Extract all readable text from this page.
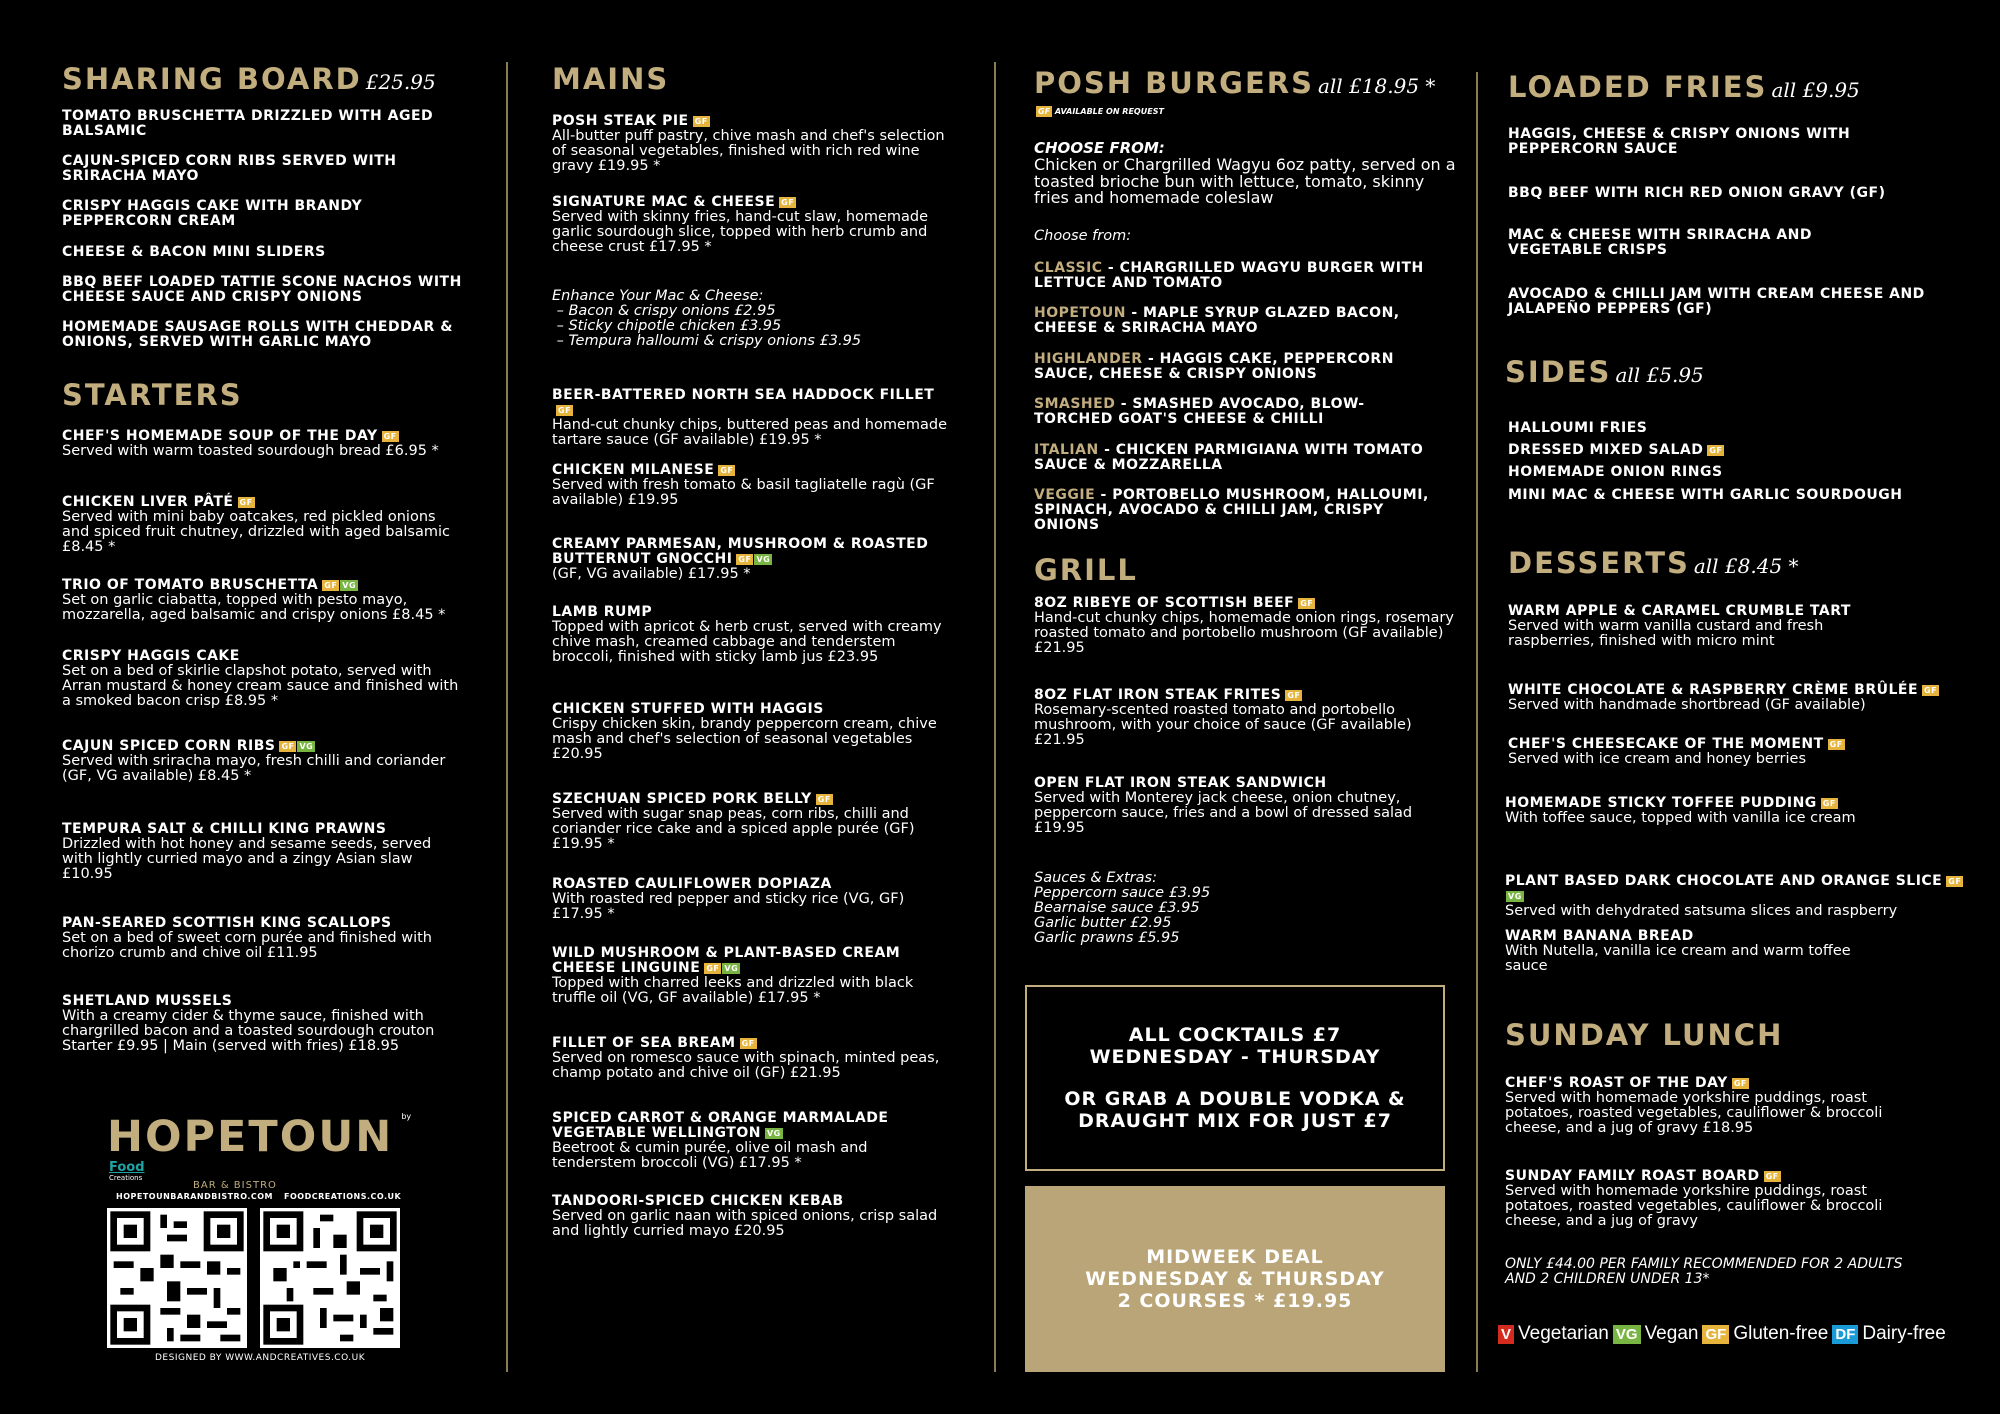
SHARING BOARD £25.95
TOMATO BRUSCHETTA DRIZZLED WITH AGED BALSAMIC
CAJUN-SPICED CORN RIBS SERVED WITH SRIRACHA MAYO
CRISPY HAGGIS CAKE WITH BRANDY PEPPERCORN CREAM
CHEESE & BACON MINI SLIDERS
BBQ BEEF LOADED TATTIE SCONE NACHOS WITH CHEESE SAUCE AND CRISPY ONIONS
HOMEMADE SAUSAGE ROLLS WITH CHEDDAR & ONIONS, SERVED WITH GARLIC MAYO
STARTERS
CHEF'S HOMEMADE SOUP OF THE DAY GF
Served with warm toasted sourdough bread £6.95 *
CHICKEN LIVER PÂTÉ GF
Served with mini baby oatcakes, red pickled onions and spiced fruit chutney, drizzled with aged balsamic £8.45 *
TRIO OF TOMATO BRUSCHETTA GF VG
Set on garlic ciabatta, topped with pesto mayo, mozzarella, aged balsamic and crispy onions £8.45 *
CRISPY HAGGIS CAKE
Set on a bed of skirlie clapshot potato, served with Arran mustard & honey cream sauce and finished with a smoked bacon crisp £8.95 *
CAJUN SPICED CORN RIBS GF VG
Served with sriracha mayo, fresh chilli and coriander (GF, VG available) £8.45 *
TEMPURA SALT & CHILLI KING PRAWNS
Drizzled with hot honey and sesame seeds, served with lightly curried mayo and a zingy Asian slaw £10.95
PAN-SEARED SCOTTISH KING SCALLOPS
Set on a bed of sweet corn purée and finished with chorizo crumb and chive oil £11.95
SHETLAND MUSSELS
With a creamy cider & thyme sauce, finished with chargrilled bacon and a toasted sourdough crouton Starter £9.95 | Main (served with fries) £18.95
HOPETOUN $^{by}$
Food
Creations
BAR & BISTRO
HOPETOUNBARANDBISTRO.COM FOODCREATIONS.CO.UK
DESIGNED BY WWW.ANDCREATIVES.CO.UK
MAINS
POSH STEAK PIE GF
All-butter puff pastry, chive mash and chef's selection of seasonal vegetables, finished with rich red wine gravy £19.95 *
SIGNATURE MAC & CHEESE GF
Served with skinny fries, hand-cut slaw, homemade garlic sourdough slice, topped with herb crumb and cheese crust £17.95 *
Enhance Your Mac & Cheese:
– Bacon & crispy onions £2.95
– Sticky chipotle chicken £3.95
– Tempura halloumi & crispy onions £3.95
BEER-BATTERED NORTH SEA HADDOCK FILLETGF
Hand-cut chunky chips, buttered peas and homemade tartare sauce (GF available) £19.95 *
CHICKEN MILANESE GF
Served with fresh tomato & basil tagliatelle ragù (GF available) £19.95
CREAMY PARMESAN, MUSHROOM & ROASTED BUTTERNUT GNOCCHI GF VG
(GF, VG available) £17.95 *
LAMB RUMP
Topped with apricot & herb crust, served with creamy chive mash, creamed cabbage and tenderstem broccoli, finished with sticky lamb jus £23.95
CHICKEN STUFFED WITH HAGGIS
Crispy chicken skin, brandy peppercorn cream, chive mash and chef's selection of seasonal vegetables £20.95
SZECHUAN SPICED PORK BELLY GF
Served with sugar snap peas, corn ribs, chilli and coriander rice cake and a spiced apple purée (GF) £19.95 *
ROASTED CAULIFLOWER DOPIAZA
With roasted red pepper and sticky rice (VG, GF) £17.95 *
WILD MUSHROOM & PLANT-BASED CREAM CHEESE LINGUINE GF VG
Topped with charred leeks and drizzled with black truffle oil (VG, GF available) £17.95 *
FILLET OF SEA BREAM GF
Served on romesco sauce with spinach, minted peas, champ potato and chive oil (GF) £21.95
SPICED CARROT & ORANGE MARMALADE VEGETABLE WELLINGTON VG
Beetroot & cumin purée, olive oil mash and tenderstem broccoli (VG) £17.95 *
TANDOORI-SPICED CHICKEN KEBAB
Served on garlic naan with spiced onions, crisp salad and lightly curried mayo £20.95
POSH BURGERS all £18.95 *
GF AVAILABLE ON REQUEST
CHOOSE FROM:
Chicken or Chargrilled Wagyu 6oz patty, served on a toasted brioche bun with lettuce, tomato, skinny fries and homemade coleslaw
Choose from:
CLASSIC - CHARGRILLED WAGYU BURGER WITH LETTUCE AND TOMATO
HOPETOUN - MAPLE SYRUP GLAZED BACON, CHEESE & SRIRACHA MAYO
HIGHLANDER - HAGGIS CAKE, PEPPERCORN SAUCE, CHEESE & CRISPY ONIONS
SMASHED - SMASHED AVOCADO, BLOW-TORCHED GOAT'S CHEESE & CHILLI
ITALIAN - CHICKEN PARMIGIANA WITH TOMATO SAUCE & MOZZARELLA
VEGGIE - PORTOBELLO MUSHROOM, HALLOUMI, SPINACH, AVOCADO & CHILLI JAM, CRISPY ONIONS
GRILL
8OZ RIBEYE OF SCOTTISH BEEF GF
Hand-cut chunky chips, homemade onion rings, rosemary roasted tomato and portobello mushroom (GF available) £21.95
8OZ FLAT IRON STEAK FRITES GF
Rosemary-scented roasted tomato and portobello mushroom, with your choice of sauce (GF available) £21.95
OPEN FLAT IRON STEAK SANDWICH
Served with Monterey jack cheese, onion chutney, peppercorn sauce, fries and a bowl of dressed salad £19.95
Sauces & Extras:
Peppercorn sauce £3.95
Bearnaise sauce £3.95
Garlic butter £2.95
Garlic prawns £5.95
ALL COCKTAILS £7
WEDNESDAY - THURSDAY
OR GRAB A DOUBLE VODKA &
DRAUGHT MIX FOR JUST £7
MIDWEEK DEAL
WEDNESDAY & THURSDAY
2 COURSES * £19.95
LOADED FRIES all £9.95
HAGGIS, CHEESE & CRISPY ONIONS WITH PEPPERCORN SAUCE
BBQ BEEF WITH RICH RED ONION GRAVY (GF)
MAC & CHEESE WITH SRIRACHA AND VEGETABLE CRISPS
AVOCADO & CHILLI JAM WITH CREAM CHEESE AND JALAPEÑO PEPPERS (GF)
SIDES all £5.95
HALLOUMI FRIES
DRESSED MIXED SALAD GF
HOMEMADE ONION RINGS
MINI MAC & CHEESE WITH GARLIC SOURDOUGH
DESSERTS all £8.45 *
WARM APPLE & CARAMEL CRUMBLE TART
Served with warm vanilla custard and fresh raspberries, finished with micro mint
WHITE CHOCOLATE & RASPBERRY CRÈME BRÛLÉE GF
Served with handmade shortbread (GF available)
CHEF'S CHEESECAKE OF THE MOMENT GF
Served with ice cream and honey berries
HOMEMADE STICKY TOFFEE PUDDING GF
With toffee sauce, topped with vanilla ice cream
PLANT BASED DARK CHOCOLATE AND ORANGE SLICE GFVG
Served with dehydrated satsuma slices and raspberry
WARM BANANA BREAD
With Nutella, vanilla ice cream and warm toffee sauce
SUNDAY LUNCH
CHEF'S ROAST OF THE DAY GF
Served with homemade yorkshire puddings, roast potatoes, roasted vegetables, cauliflower & broccoli cheese, and a jug of gravy £18.95
SUNDAY FAMILY ROAST BOARD GF
Served with homemade yorkshire puddings, roast potatoes, roasted vegetables, cauliflower & broccoli cheese, and a jug of gravy
ONLY £44.00 PER FAMILY RECOMMENDED FOR 2 ADULTS AND 2 CHILDREN UNDER 13*
V Vegetarian VG Vegan GF Gluten-free DF Dairy-free
